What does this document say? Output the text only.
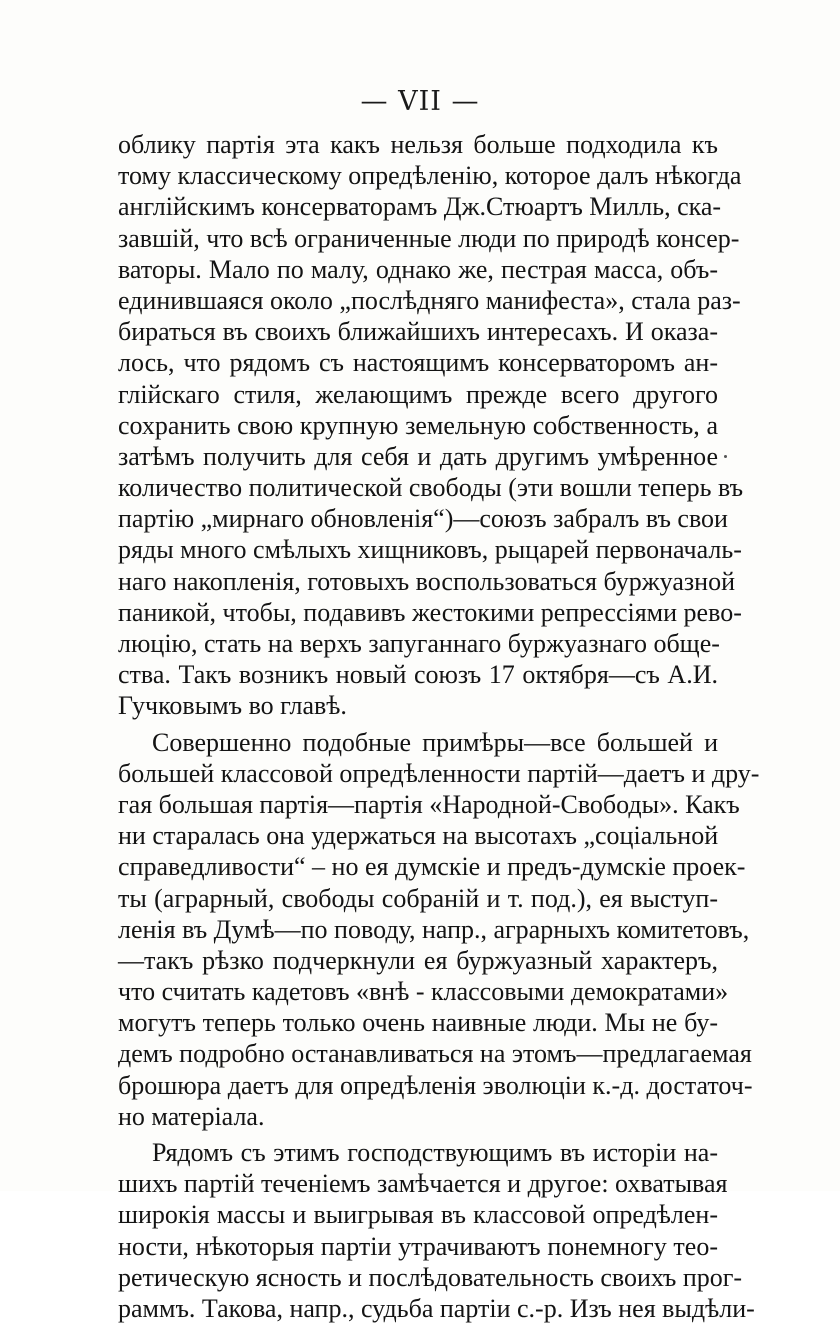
— VII —
облику партія эта какъ нельзя больше подходила къ
тому классическому опредѣленію, которое далъ нѣкогда
англійскимъ консерваторамъ Дж.Стюартъ Милль, ска-
завшій, что всѣ ограниченные люди по природѣ консер-
ваторы. Мало по малу, однако же, пестрая масса, объ-
единившаяся около „послѣдняго манифеста», стала раз-
бираться въ своихъ ближайшихъ интересахъ. И оказа-
лось, что рядомъ съ настоящимъ консерваторомъ ан-
глійскаго стиля, желающимъ прежде всего другого
сохранить свою крупную земельную собственность, а
затѣмъ получить для себя и дать другимъ умѣренное
количество политической свободы (эти вошли теперь въ
партію „мирнаго обновленія“)—союзъ забралъ въ свои
ряды много смѣлыхъ хищниковъ, рыцарей первоначаль-
наго накопленія, готовыхъ воспользоваться буржуазной
паникой, чтобы, подавивъ жестокими репрессіями рево-
люцію, стать на верхъ запуганнаго буржуазнаго обще-
ства. Такъ возникъ новый союзъ 17 октября—съ А.И.
Гучковымъ во главѣ.
Совершенно подобные примѣры—все большей и
большей классовой опредѣленности партій—даетъ и дру-
гая большая партія—партія «Народной-Свободы». Какъ
ни старалась она удержаться на высотахъ „соціальной
справедливости“ – но ея думскіе и предъ-думскіе проек-
ты (аграрный, свободы собраній и т. под.), ея выступ-
ленія въ Думѣ—по поводу, напр., аграрныхъ комитетовъ,
—такъ рѣзко подчеркнули ея буржуазный характеръ,
что считать кадетовъ «внѣ - классовыми демократами»
могутъ теперь только очень наивные люди. Мы не бу-
демъ подробно останавливаться на этомъ—предлагаемая
брошюра даетъ для опредѣленія эволюціи к.-д. достаточ-
но матеріала.
Рядомъ съ этимъ господствующимъ въ исторіи на-
шихъ партій теченіемъ замѣчается и другое: охватывая
широкія массы и выигрывая въ классовой опредѣлен-
ности, нѣкоторыя партіи утрачиваютъ понемногу тео-
ретическую ясность и послѣдовательность своихъ прог-
раммъ. Такова, напр., судьба партіи с.-р. Изъ нея выдѣли-
